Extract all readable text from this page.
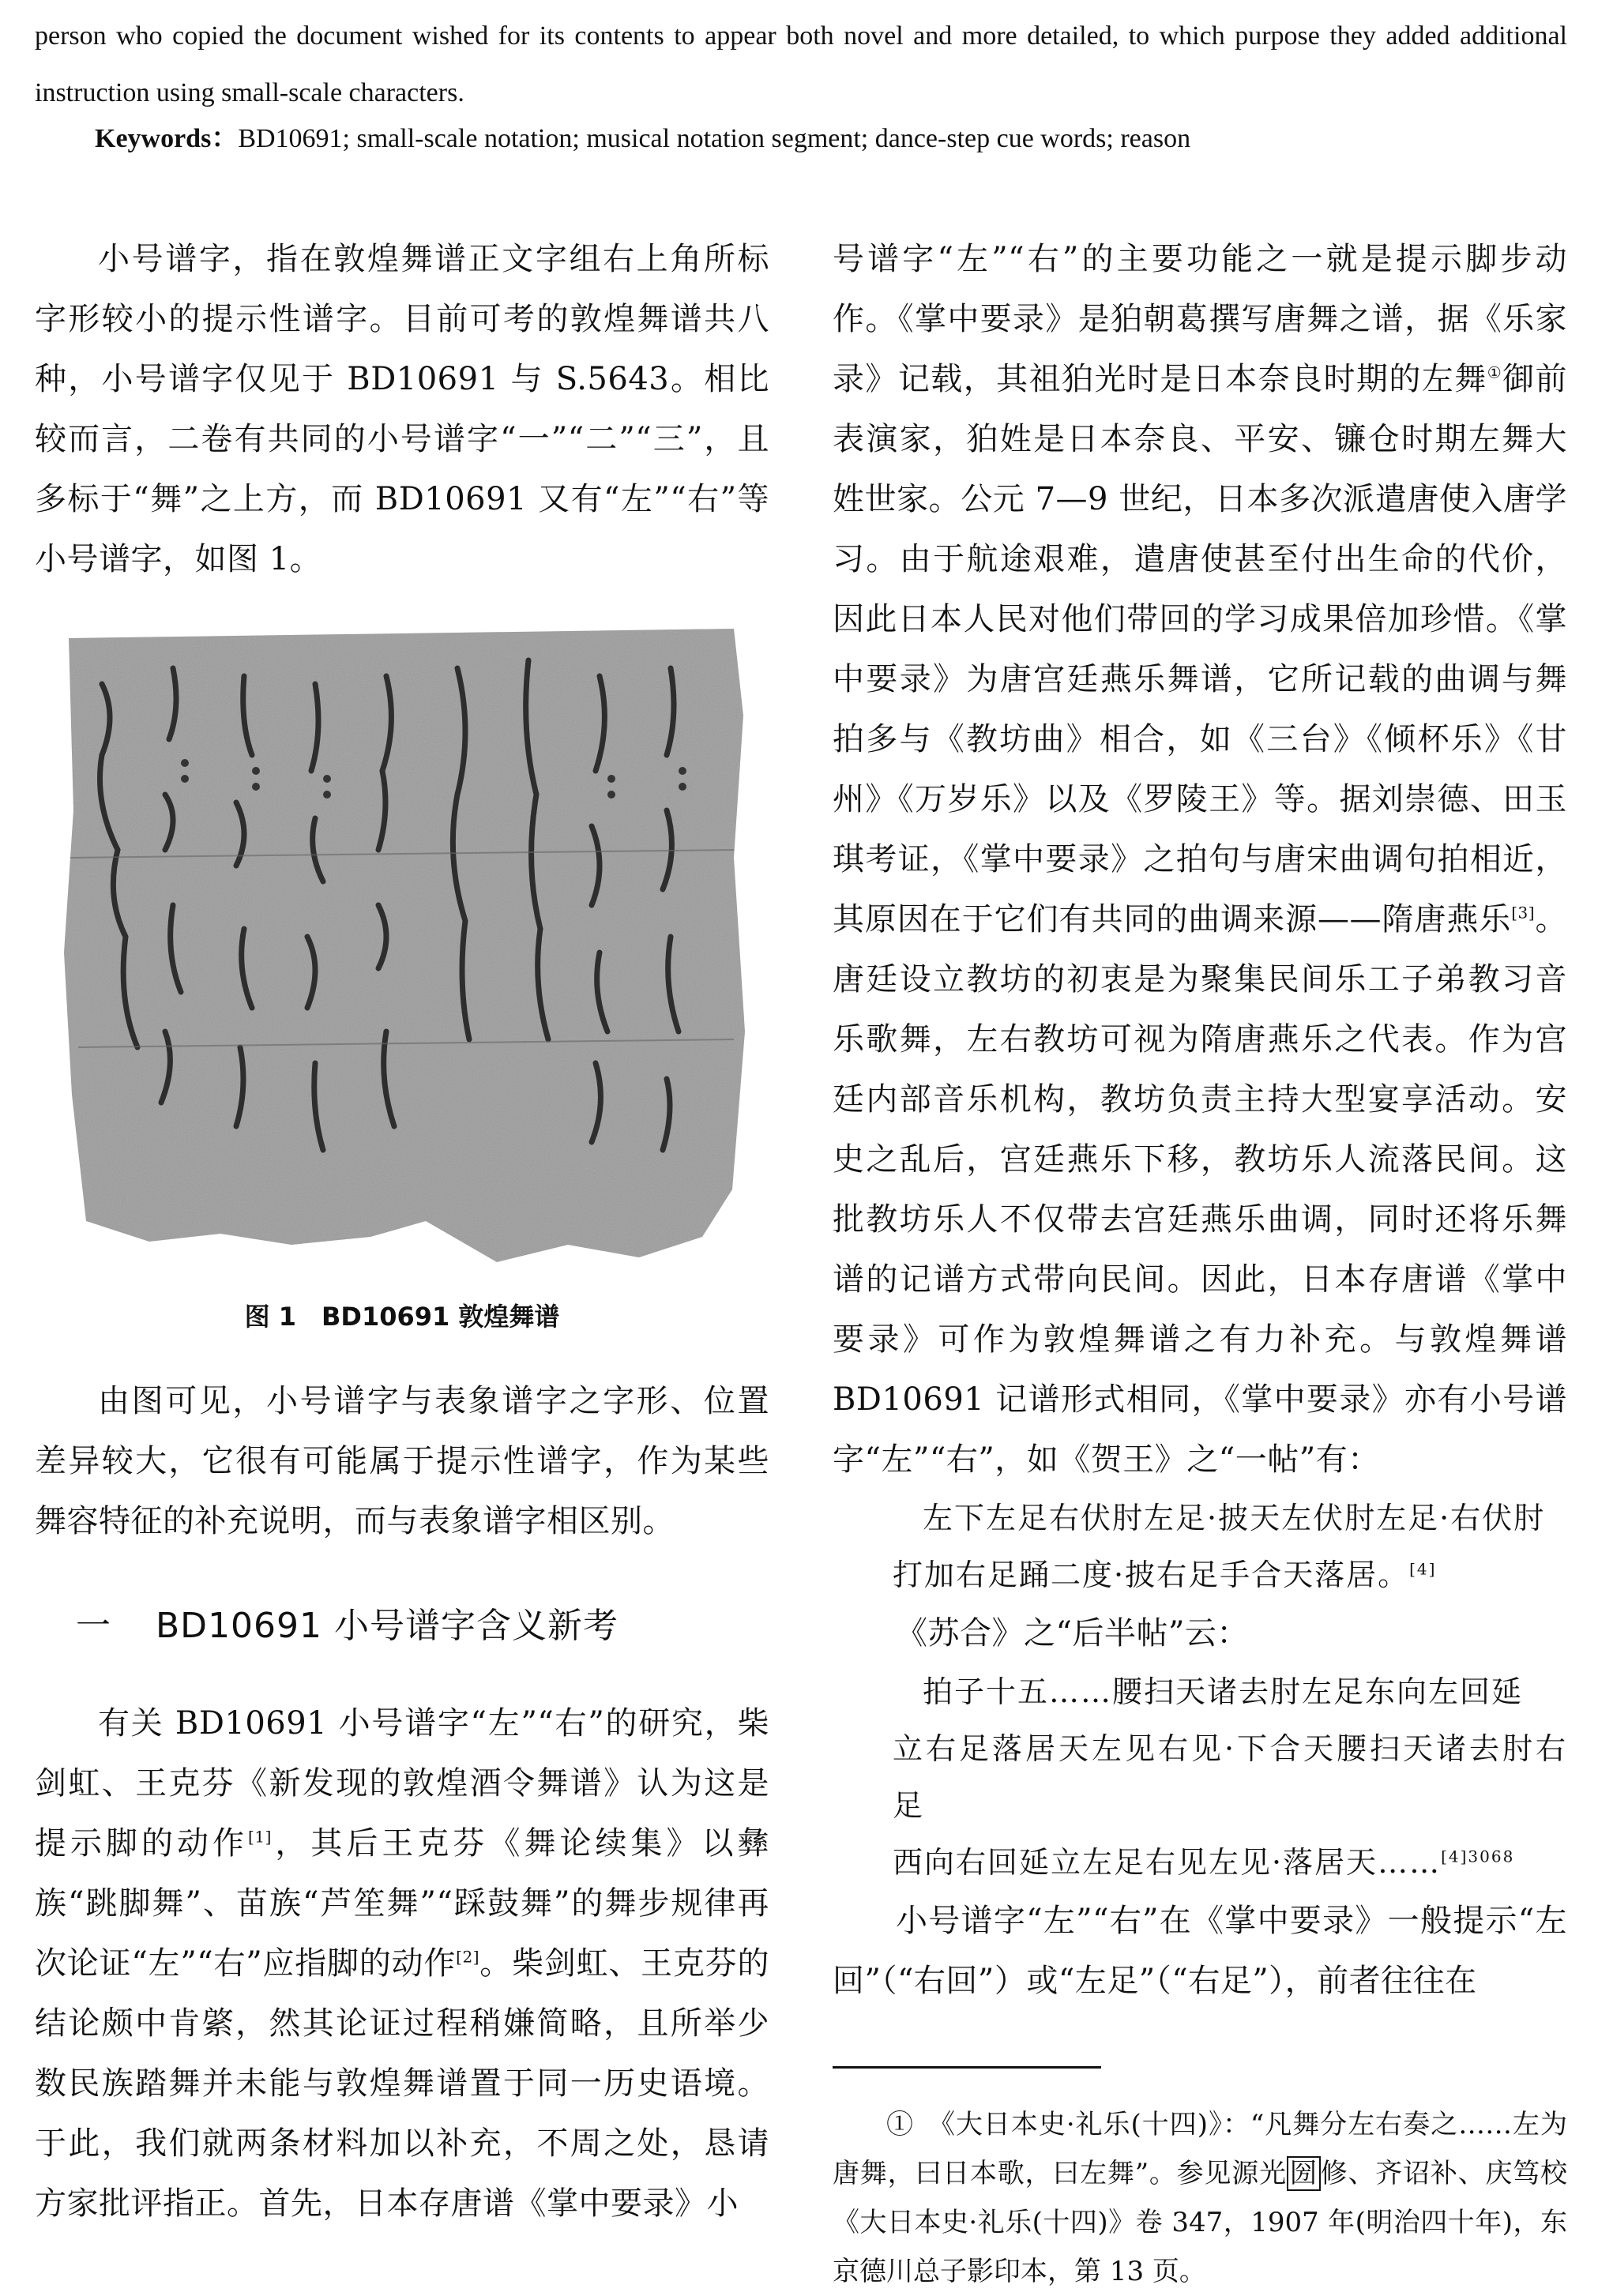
person who copied the document wished for its contents to appear both novel and more detailed, to which purpose they added additional instruction using small-scale characters.
Keywords：BD10691; small-scale notation; musical notation segment; dance-step cue words; reason

小号谱字，指在敦煌舞谱正文字组右上角所标字形较小的提示性谱字。目前可考的敦煌舞谱共八种，小号谱字仅见于 BD10691 与 S.5643。相比较而言，二卷有共同的小号谱字“一”“二”“三”，且多标于“舞”之上方，而 BD10691 又有“左”“右”等小号谱字，如图 1。

图 1　BD10691 敦煌舞谱

由图可见，小号谱字与表象谱字之字形、位置差异较大，它很有可能属于提示性谱字，作为某些舞容特征的补充说明，而与表象谱字相区别。

一 BD10691 小号谱字含义新考

有关 BD10691 小号谱字“左”“右”的研究，柴剑虹、王克芬《新发现的敦煌酒令舞谱》认为这是提示脚的动作[1]，其后王克芬《舞论续集》以彝族“跳脚舞”、苗族“芦笙舞”“踩鼓舞”的舞步规律再次论证“左”“右”应指脚的动作[2]。柴剑虹、王克芬的结论颇中肯綮，然其论证过程稍嫌简略，且所举少数民族踏舞并未能与敦煌舞谱置于同一历史语境。于此，我们就两条材料加以补充，不周之处，恳请方家批评指正。首先，日本存唐谱《掌中要录》小

号谱字“左”“右”的主要功能之一就是提示脚步动作。《掌中要录》是狛朝葛撰写唐舞之谱，据《乐家录》记载，其祖狛光时是日本奈良时期的左舞①御前表演家，狛姓是日本奈良、平安、镰仓时期左舞大姓世家。公元 7—9 世纪，日本多次派遣唐使入唐学习。由于航途艰难，遣唐使甚至付出生命的代价，因此日本人民对他们带回的学习成果倍加珍惜。《掌中要录》为唐宫廷燕乐舞谱，它所记载的曲调与舞拍多与《教坊曲》相合，如《三台》《倾杯乐》《甘州》《万岁乐》以及《罗陵王》等。据刘崇德、田玉琪考证，《掌中要录》之拍句与唐宋曲调句拍相近，其原因在于它们有共同的曲调来源——隋唐燕乐[3]。唐廷设立教坊的初衷是为聚集民间乐工子弟教习音乐歌舞，左右教坊可视为隋唐燕乐之代表。作为宫廷内部音乐机构，教坊负责主持大型宴享活动。安史之乱后，宫廷燕乐下移，教坊乐人流落民间。这批教坊乐人不仅带去宫廷燕乐曲调，同时还将乐舞谱的记谱方式带向民间。因此，日本存唐谱《掌中要录》可作为敦煌舞谱之有力补充。与敦煌舞谱 BD10691 记谱形式相同，《掌中要录》亦有小号谱字“左”“右”，如《贺王》之“一帖”有：

左下左足右伏肘左足·披天左伏肘左足·右伏肘

打加右足踊二度·披右足手合天落居。[4]

《苏合》之“后半帖”云：

拍子十五……腰扫天诸去肘左足东向左回延

立右足落居天左见右见·下合天腰扫天诸去肘右足

西向右回延立左足右见左见·落居天……$^{[4]3068}$

小号谱字“左”“右”在《掌中要录》一般提示“左回”（“右回”）或“左足”（“右足”），前者往往在

①　 《大日本史·礼乐(十四)》：“凡舞分左右奏之……左为唐舞，曰日本歌，曰左舞”。参见源光 圀 修、齐诏补、庆笃校《大日本史·礼乐(十四)》卷 347，1907 年(明治四十年)，东京德川总子影印本，第 13 页。
